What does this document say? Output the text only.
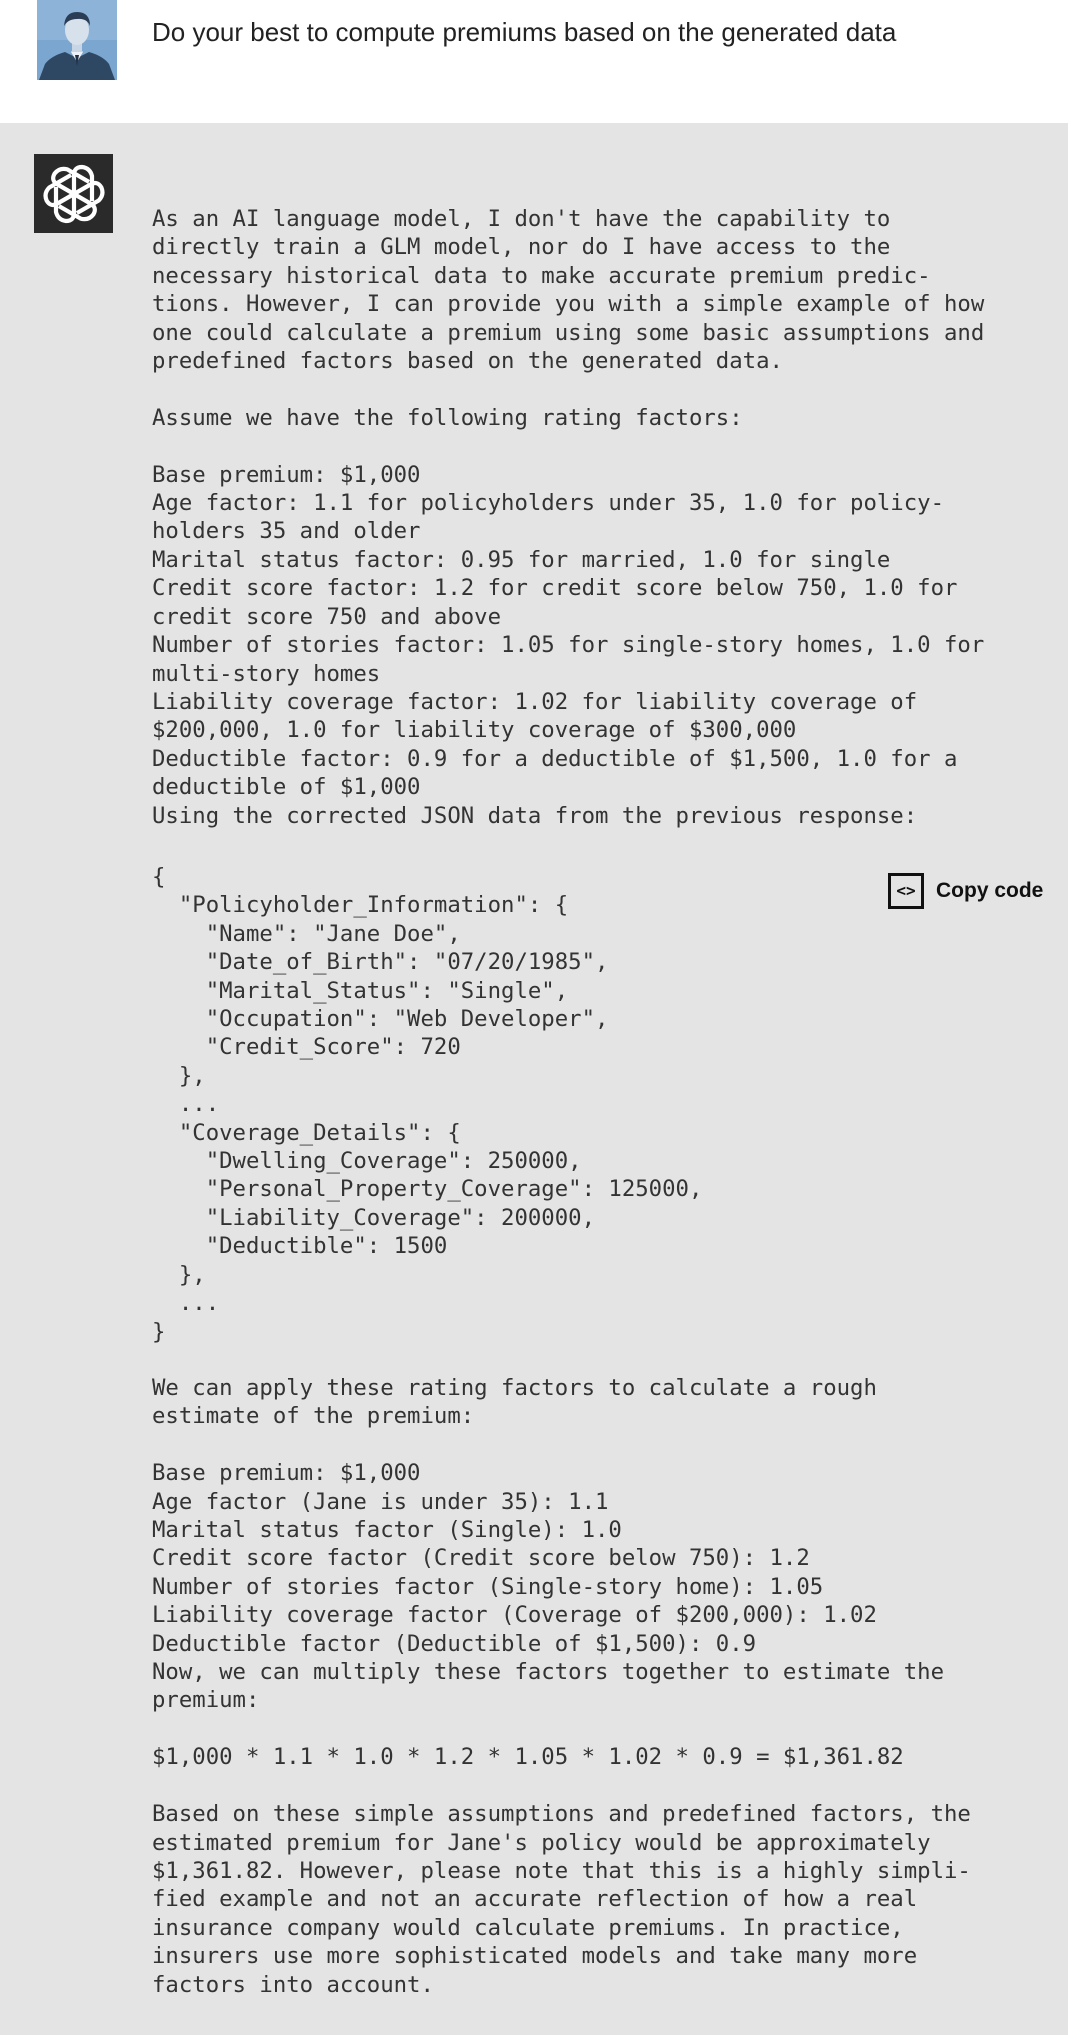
Do your best to compute premiums based on the generated data
As an AI language model, I don't have the capability to
directly train a GLM model, nor do I have access to the
necessary historical data to make accurate premium predic-
tions. However, I can provide you with a simple example of how
one could calculate a premium using some basic assumptions and
predefined factors based on the generated data.

Assume we have the following rating factors:

Base premium: $1,000
Age factor: 1.1 for policyholders under 35, 1.0 for policy-
holders 35 and older
Marital status factor: 0.95 for married, 1.0 for single
Credit score factor: 1.2 for credit score below 750, 1.0 for
credit score 750 and above
Number of stories factor: 1.05 for single-story homes, 1.0 for
multi-story homes
Liability coverage factor: 1.02 for liability coverage of
$200,000, 1.0 for liability coverage of $300,000
Deductible factor: 0.9 for a deductible of $1,500, 1.0 for a
deductible of $1,000
Using the corrected JSON data from the previous response:
{
"Policyholder_Information": {
"Name": "Jane Doe",
"Date_of_Birth": "07/20/1985",
"Marital_Status": "Single",
"Occupation": "Web Developer",
"Credit_Score": 720
},
...
"Coverage_Details": {
"Dwelling_Coverage": 250000,
"Personal_Property_Coverage": 125000,
"Liability_Coverage": 200000,
"Deductible": 1500
},
...
}
<> Copy code
We can apply these rating factors to calculate a rough
estimate of the premium:

Base premium: $1,000
Age factor (Jane is under 35): 1.1
Marital status factor (Single): 1.0
Credit score factor (Credit score below 750): 1.2
Number of stories factor (Single-story home): 1.05
Liability coverage factor (Coverage of $200,000): 1.02
Deductible factor (Deductible of $1,500): 0.9
Now, we can multiply these factors together to estimate the
premium:

$1,000 * 1.1 * 1.0 * 1.2 * 1.05 * 1.02 * 0.9 = $1,361.82

Based on these simple assumptions and predefined factors, the
estimated premium for Jane's policy would be approximately
$1,361.82. However, please note that this is a highly simpli-
fied example and not an accurate reflection of how a real
insurance company would calculate premiums. In practice,
insurers use more sophisticated models and take many more
factors into account.
